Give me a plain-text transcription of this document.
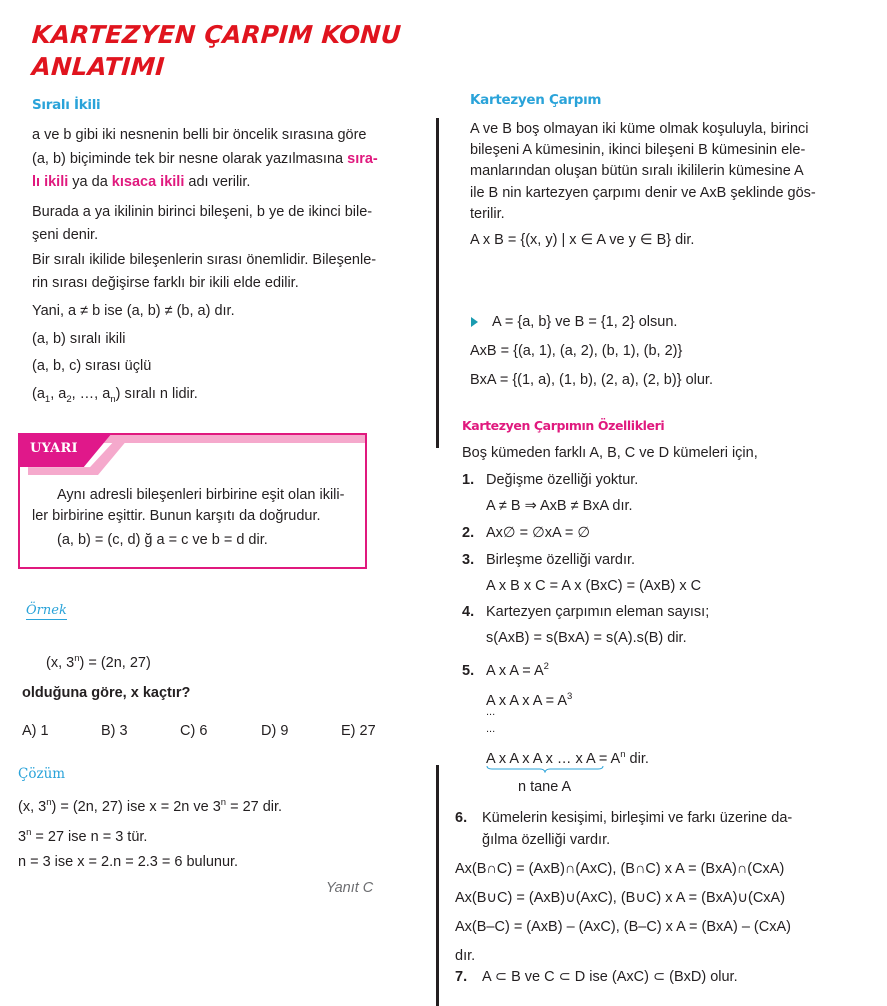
KARTEZYEN ÇARPIM KONU
ANLATIMI
Sıralı İkili
a ve b gibi iki nesnenin belli bir öncelik sırasına göre
(a, b) biçiminde tek bir nesne olarak yazılmasına sıra-
lı ikili ya da kısaca ikili adı verilir.
Burada a ya ikilinin birinci bileşeni, b ye de ikinci bile-
şeni denir.
Bir sıralı ikilide bileşenlerin sırası önemlidir. Bileşenle-
rin sırası değişirse farklı bir ikili elde edilir.
Yani, a ≠ b ise (a, b) ≠ (b, a) dır.
(a, b) sıralı ikili
(a, b, c) sırası üçlü
($a_1$, $a_2$, …, $a_n$) sıralı n lidir.
UYARI
Aynı adresli bileşenleri birbirine eşit olan ikili-
ler birbirine eşittir. Bunun karşıtı da doğrudur.
(a, b) = (c, d) ğ a = c ve b = d dir.
Örnek
(x, $3^n) = (2n$, 27)
olduğuna göre, x kaçtır?
A) 1	B) 3	C) 6	D) 9	E) 27
Çözüm
(x, $3^n) = (2n$, 27) ise x = 2n ve $3^n = 27$ dir.
$3^n = 27$ ise n = 3 tür.
n = 3 ise x = 2.n = 2.3 = 6 bulunur.
Yanıt C
Kartezyen Çarpım
A ve B boş olmayan iki küme olmak koşuluyla, birinci
bileşeni A kümesinin, ikinci bileşeni B kümesinin ele-
manlarından oluşan bütün sıralı ikililerin kümesine A
ile B nin kartezyen çarpımı denir ve AxB şeklinde gös-
terilir.
A x B = {(x, y) | x ∈ A ve y ∈ B} dir.
A = {a, b} ve B = {1, 2} olsun.
AxB = {(a, 1), (a, 2), (b, 1), (b, 2)}
BxA = {(1, a), (1, b), (2, a), (2, b)} olur.
Kartezyen Çarpımın Özellikleri
Boş kümeden farklı A, B, C ve D kümeleri için,
1. Değişme özelliği yoktur.
A ≠ B ⇒ AxB ≠ BxA dır.
2. Ax∅ = ∅xA = ∅
3. Birleşme özelliği vardır.
A x B x C = A x (BxC) = (AxB) x C
4. Kartezyen çarpımın eleman sayısı;
s(AxB) = s(BxA) = s(A).s(B) dir.
5. A x $A = A^2$
A x A x $A = A^3$
...
...
A x A x A x … x $A = A^n$ dir.
n tane A
6. Kümelerin kesişimi, birleşimi ve farkı üzerine da-
ğılma özelliği vardır.
Ax(B∩C) = (AxB)∩(AxC), (B∩C) x A = (BxA)∩(CxA)
Ax(B∪C) = (AxB)∪(AxC), (B∪C) x A = (BxA)∪(CxA)
Ax(B–C) = (AxB) – (AxC), (B–C) x A = (BxA) – (CxA)
dır.
7. A ⊂ B ve C ⊂ D ise (AxC) ⊂ (BxD) olur.
